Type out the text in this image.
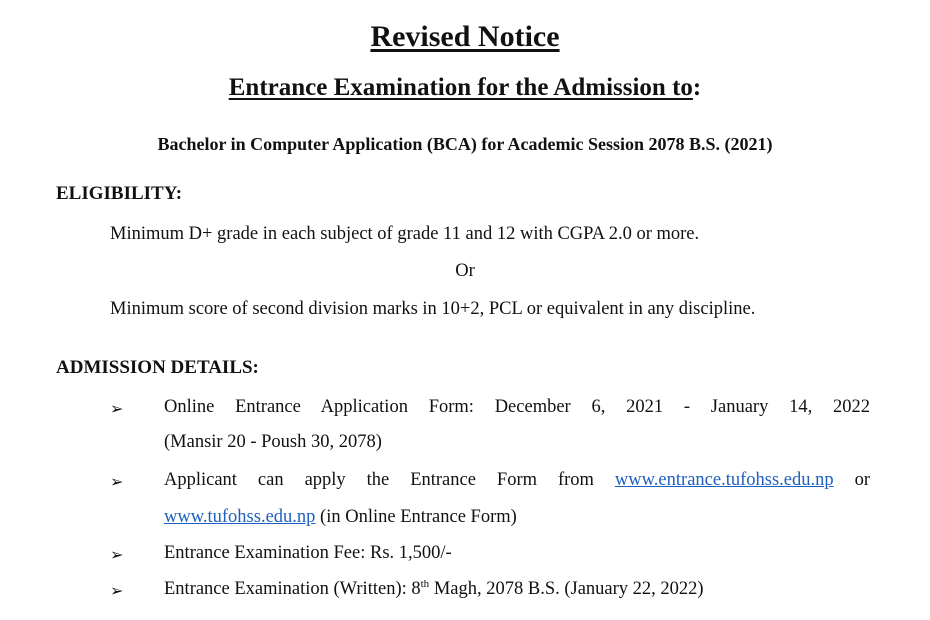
Revised Notice
Entrance Examination for the Admission to:
Bachelor in Computer Application (BCA) for Academic Session 2078 B.S. (2021)
ELIGIBILITY:
Minimum D+ grade in each subject of grade 11 and 12 with CGPA 2.0 or more.
Or
Minimum score of second division marks in 10+2, PCL or equivalent in any discipline.
ADMISSION DETAILS:
➢ Online Entrance Application Form: December 6, 2021 - January 14, 2022
(Mansir 20 - Poush 30, 2078)
➢ Applicant can apply the Entrance Form from www.entrance.tufohss.edu.np or
www.tufohss.edu.np (in Online Entrance Form)
➢ Entrance Examination Fee: Rs. 1,500/-
➢ Entrance Examination (Written): 8th Magh, 2078 B.S. (January 22, 2022)
